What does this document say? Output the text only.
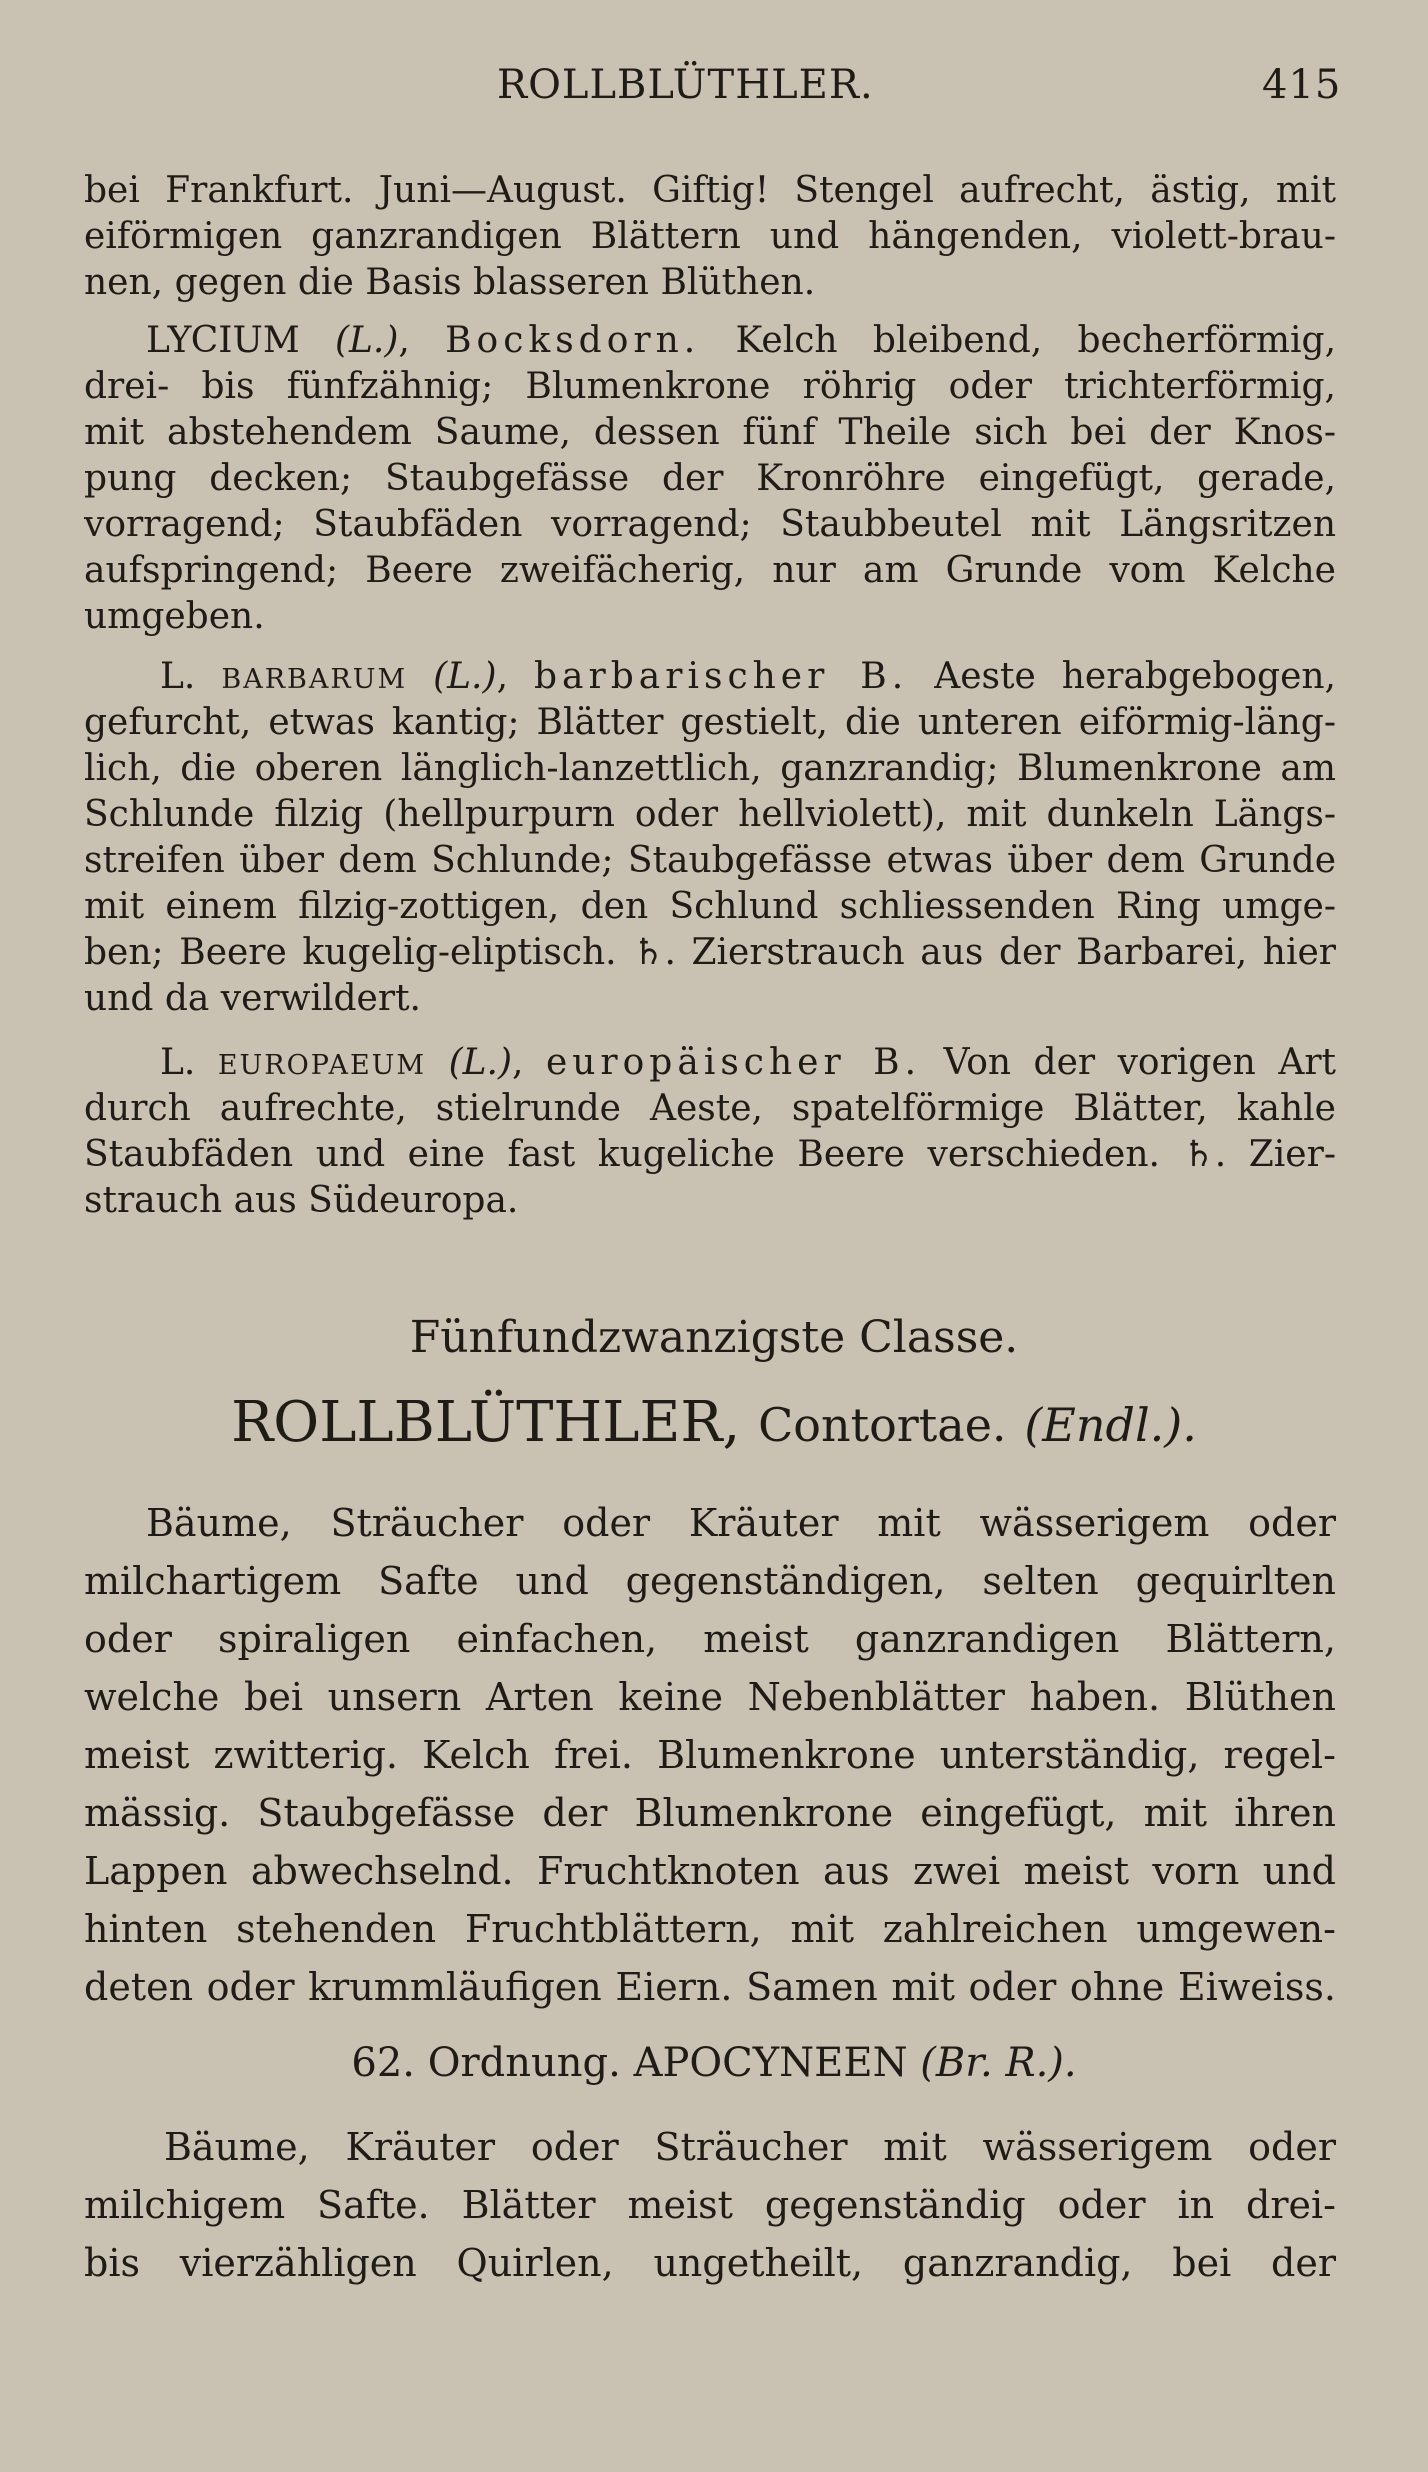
ROLLBLÜTHLER.	415
bei Frankfurt. Juni—August. Giftig! Stengel aufrecht, ästig, mit
eiförmigen ganzrandigen Blättern und hängenden, violett-brau-
nen, gegen die Basis blasseren Blüthen.
LYCIUM (L.), Bocksdorn. Kelch bleibend, becherförmig,
drei- bis fünfzähnig; Blumenkrone röhrig oder trichterförmig,
mit abstehendem Saume, dessen fünf Theile sich bei der Knos-
pung decken; Staubgefässe der Kronröhre eingefügt, gerade,
vorragend; Staubfäden vorragend; Staubbeutel mit Längsritzen
aufspringend; Beere zweifächerig, nur am Grunde vom Kelche
umgeben.
L. BARBARUM (L.), barbarischer B. Aeste herabgebogen,
gefurcht, etwas kantig; Blätter gestielt, die unteren eiförmig-läng-
lich, die oberen länglich-lanzettlich, ganzrandig; Blumenkrone am
Schlunde filzig (hellpurpurn oder hellviolett), mit dunkeln Längs-
streifen über dem Schlunde; Staubgefässe etwas über dem Grunde
mit einem filzig-zottigen, den Schlund schliessenden Ring umge-
ben; Beere kugelig-eliptisch. ♄. Zierstrauch aus der Barbarei, hier
und da verwildert.
L. EUROPAEUM (L.), europäischer B. Von der vorigen Art
durch aufrechte, stielrunde Aeste, spatelförmige Blätter, kahle
Staubfäden und eine fast kugeliche Beere verschieden. ♄. Zier-
strauch aus Südeuropa.
Fünfundzwanzigste Classe.
ROLLBLÜTHLER, Contortae. (Endl.).
Bäume, Sträucher oder Kräuter mit wässerigem oder
milchartigem Safte und gegenständigen, selten gequirlten
oder spiraligen einfachen, meist ganzrandigen Blättern,
welche bei unsern Arten keine Nebenblätter haben. Blüthen
meist zwitterig. Kelch frei. Blumenkrone unterständig, regel-
mässig. Staubgefässe der Blumenkrone eingefügt, mit ihren
Lappen abwechselnd. Fruchtknoten aus zwei meist vorn und
hinten stehenden Fruchtblättern, mit zahlreichen umgewen-
deten oder krummläufigen Eiern. Samen mit oder ohne Eiweiss.
62. Ordnung. APOCYNEEN (Br. R.).
Bäume, Kräuter oder Sträucher mit wässerigem oder
milchigem Safte. Blätter meist gegenständig oder in drei-
bis vierzähligen Quirlen, ungetheilt, ganzrandig, bei der
